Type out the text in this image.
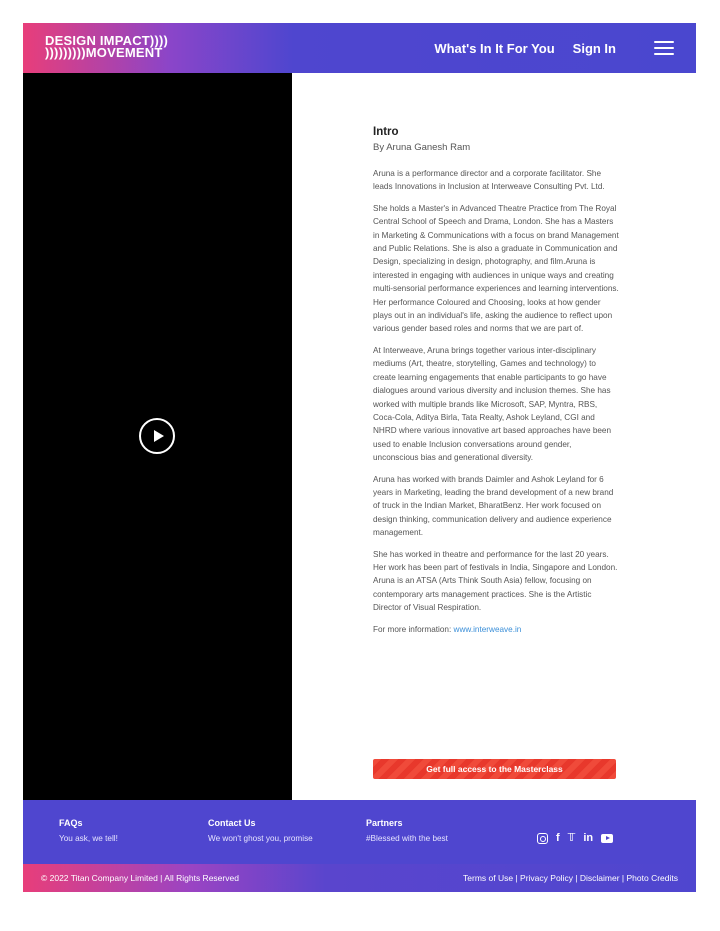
DESIGN IMPACT))))
)))))))))MOVEMENT	What's In It For You Sign In
Intro
By Aruna Ganesh Ram

Aruna is a performance director and a corporate facilitator. She leads Innovations in Inclusion at Interweave Consulting Pvt. Ltd.

She holds a Master's in Advanced Theatre Practice from The Royal Central School of Speech and Drama, London. She has a Masters in Marketing & Communications with a focus on brand Management and Public Relations. She is also a graduate in Communication and Design, specializing in design, photography, and film.Aruna is interested in engaging with audiences in unique ways and creating multi-sensorial performance experiences and learning interventions. Her performance Coloured and Choosing, looks at how gender plays out in an individual's life, asking the audience to reflect upon various gender based roles and norms that we are part of.

At Interweave, Aruna brings together various inter-disciplinary mediums (Art, theatre, storytelling, Games and technology) to create learning engagements that enable participants to go have dialogues around various diversity and inclusion themes. She has worked with multiple brands like Microsoft, SAP, Myntra, RBS, Coca-Cola, Aditya Birla, Tata Realty, Ashok Leyland, CGI and NHRD where various innovative art based approaches have been used to enable Inclusion conversations around gender, unconscious bias and generational diversity.

Aruna has worked with brands Daimler and Ashok Leyland for 6 years in Marketing, leading the brand development of a new brand of truck in the Indian Market, BharatBenz. Her work focused on design thinking, communication delivery and audience experience management.

She has worked in theatre and performance for the last 20 years. Her work has been part of festivals in India, Singapore and London. Aruna is an ATSA (Arts Think South Asia) fellow, focusing on contemporary arts management practices. She is the Artistic Director of Visual Respiration.

For more information: www.interweave.in

Get full access to the Masterclass
FAQs
You ask, we tell!
Contact Us
We won't ghost you, promise
Partners
#Blessed with the best	f 𝕋 in
© 2022 Titan Company Limited | All Rights Reserved	Terms of Use | Privacy Policy | Disclaimer | Photo Credits
